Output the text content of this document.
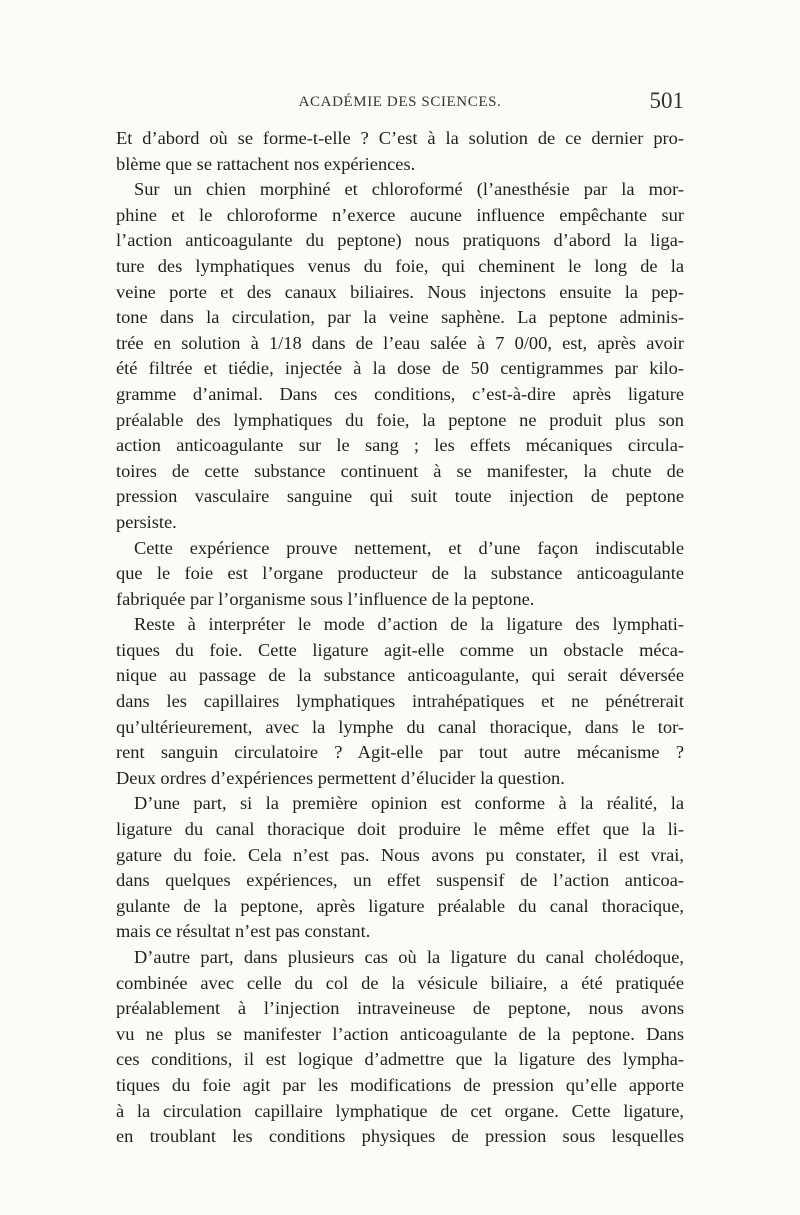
ACADÉMIE DES SCIENCES.	501
Et d’abord où se forme-t-elle ? C’est à la solution de ce dernier pro-
blème que se rattachent nos expériences.
Sur un chien morphiné et chloroformé (l’anesthésie par la mor-
phine et le chloroforme n’exerce aucune influence empêchante sur
l’action anticoagulante du peptone) nous pratiquons d’abord la liga-
ture des lymphatiques venus du foie, qui cheminent le long de la
veine porte et des canaux biliaires. Nous injectons ensuite la pep-
tone dans la circulation, par la veine saphène. La peptone adminis-
trée en solution à 1/18 dans de l’eau salée à 7 0/00, est, après avoir
été filtrée et tiédie, injectée à la dose de 50 centigrammes par kilo-
gramme d’animal. Dans ces conditions, c’est-à-dire après ligature
préalable des lymphatiques du foie, la peptone ne produit plus son
action anticoagulante sur le sang ; les effets mécaniques circula-
toires de cette substance continuent à se manifester, la chute de
pression vasculaire sanguine qui suit toute injection de peptone
persiste.
Cette expérience prouve nettement, et d’une façon indiscutable
que le foie est l’organe producteur de la substance anticoagulante
fabriquée par l’organisme sous l’influence de la peptone.
Reste à interpréter le mode d’action de la ligature des lymphati-
tiques du foie. Cette ligature agit-elle comme un obstacle méca-
nique au passage de la substance anticoagulante, qui serait déversée
dans les capillaires lymphatiques intrahépatiques et ne pénétrerait
qu’ultérieurement, avec la lymphe du canal thoracique, dans le tor-
rent sanguin circulatoire ? Agit-elle par tout autre mécanisme ?
Deux ordres d’expériences permettent d’élucider la question.
D’une part, si la première opinion est conforme à la réalité, la
ligature du canal thoracique doit produire le même effet que la li-
gature du foie. Cela n’est pas. Nous avons pu constater, il est vrai,
dans quelques expériences, un effet suspensif de l’action anticoa-
gulante de la peptone, après ligature préalable du canal thoracique,
mais ce résultat n’est pas constant.
D’autre part, dans plusieurs cas où la ligature du canal cholédoque,
combinée avec celle du col de la vésicule biliaire, a été pratiquée
préalablement à l’injection intraveineuse de peptone, nous avons
vu ne plus se manifester l’action anticoagulante de la peptone. Dans
ces conditions, il est logique d’admettre que la ligature des lympha-
tiques du foie agit par les modifications de pression qu’elle apporte
à la circulation capillaire lymphatique de cet organe. Cette ligature,
en troublant les conditions physiques de pression sous lesquelles
